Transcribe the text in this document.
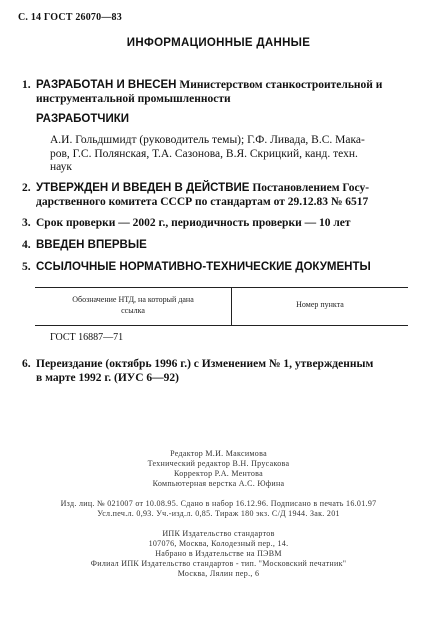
С. 14 ГОСТ 26070—83
ИНФОРМАЦИОННЫЕ ДАННЫЕ
1. РАЗРАБОТАН И ВНЕСЕН Министерством станкостроительной и
инструментальной промышленности
РАЗРАБОТЧИКИ
А.И. Гольдшмидт (руководитель темы); Г.Ф. Ливада, В.С. Мака-
ров, Г.С. Полянская, Т.А. Сазонова, В.Я. Скрицкий, канд. техн.
наук
2. УТВЕРЖДЕН И ВВЕДЕН В ДЕЙСТВИЕ Постановлением Госу-
дарственного комитета СССР по стандартам от 29.12.83 № 6517
3. Срок проверки — 2002 г., периодичность проверки — 10 лет
4. ВВЕДЕН ВПЕРВЫЕ
5. ССЫЛОЧНЫЕ НОРМАТИВНО-ТЕХНИЧЕСКИЕ ДОКУМЕНТЫ
Обозначение НТД, на который дана
ссылка
Номер пункта
ГОСТ 16887—71
6. Переиздание (октябрь 1996 г.) с Изменением № 1, утвержденным
в марте 1992 г. (ИУС 6—92)
Редактор М.И. Максимова
Технический редактор В.Н. Прусакова
Корректор Р.А. Ментова
Компьютерная верстка А.С. Юфина
Изд. лиц. № 021007 от 10.08.95. Сдано в набор 16.12.96. Подписано в печать 16.01.97
Усл.печ.л. 0,93. Уч.-изд.л. 0,85. Тираж 180 экз. С/Д 1944. Зак. 201
ИПК Издательство стандартов
107076, Москва, Колодезный пер., 14.
Набрано в Издательстве на ПЭВМ
Филиал ИПК Издательство стандартов - тип. "Московский печатник"
Москва, Лялин пер., 6
